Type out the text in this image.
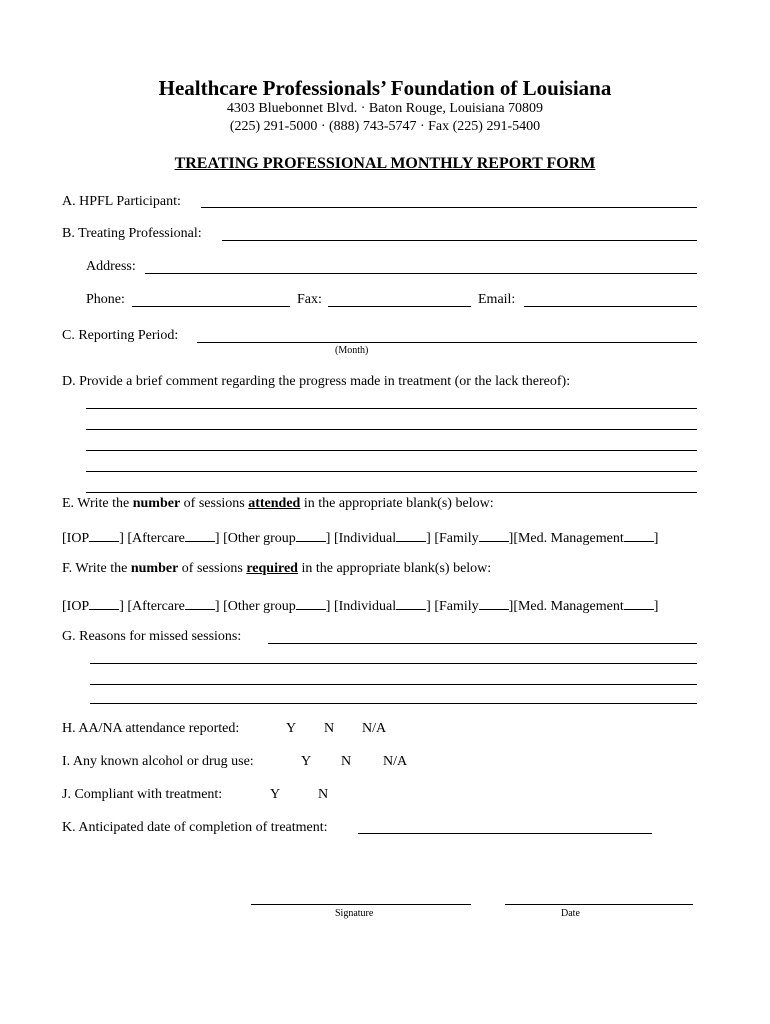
Healthcare Professionals’ Foundation of Louisiana
4303 Bluebonnet Blvd. · Baton Rouge, Louisiana 70809
(225) 291-5000 · (888) 743-5747 · Fax (225) 291-5400
TREATING PROFESSIONAL MONTHLY REPORT FORM
A. HPFL Participant:
B. Treating Professional:
Address:
Phone:	Fax:	Email:
C. Reporting Period:
(Month)
D. Provide a brief comment regarding the progress made in treatment (or the lack thereof):
E. Write the number of sessions attended in the appropriate blank(s) below:
[IOP ] [Aftercare ] [Other group ] [Individual ] [Family ][Med. Management ]
F. Write the number of sessions required in the appropriate blank(s) below:
[IOP ] [Aftercare ] [Other group ] [Individual ] [Family ][Med. Management ]
G. Reasons for missed sessions:
H. AA/NA attendance reported:	Y N N/A
I. Any known alcohol or drug use:	Y N N/A
J. Compliant with treatment:	Y	N
K. Anticipated date of completion of treatment:
Signature	Date
